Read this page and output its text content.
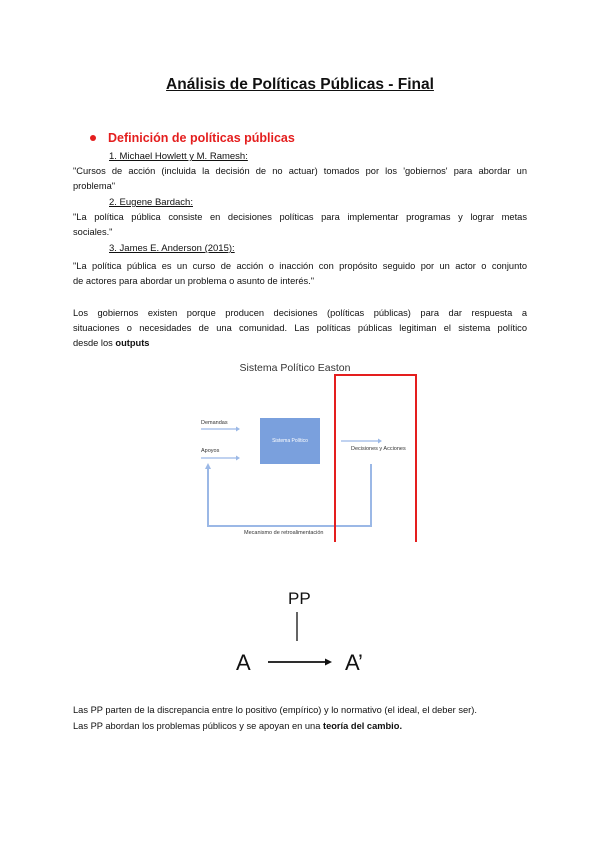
Análisis de Políticas Públicas - Final
Definición de políticas públicas
1. Michael Howlett y M. Ramesh:
"Cursos de acción (incluida la decisión de no actuar) tomados por los 'gobiernos' para abordar un
problema"
2. Eugene Bardach:
"La política pública consiste en decisiones políticas para implementar programas y lograr metas
sociales."
3. James E. Anderson (2015):
"La política pública es un curso de acción o inacción con propósito seguido por un actor o conjunto
de actores para abordar un problema o asunto de interés."
Los gobiernos existen porque producen decisiones (políticas públicas) para dar respuesta a
situaciones o necesidades de una comunidad. Las políticas públicas legitiman el sistema político
desde los outputs
Sistema Político Easton
Demandas
Apoyos
Sistema Político
Decisiones y Acciones
Mecanismo de retroalimentación
PP
A	A’
Las PP parten de la discrepancia entre lo positivo (empírico) y lo normativo (el ideal, el deber ser).
Las PP abordan los problemas públicos y se apoyan en una teoría del cambio.
